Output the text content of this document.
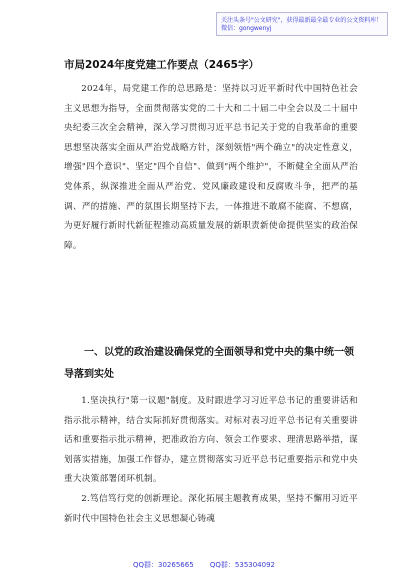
关注头条号"公文研究"，获得最新最全最专业的公文资料库！ 微信：gongwenyj
市局2024年度党建工作要点（2465字）

2024年，局党建工作的总思路是：坚持以习近平新时代中国特色社会主义思想为指导，全面贯彻落实党的二十大和二十届二中全会以及二十届中央纪委三次全会精神，深入学习贯彻习近平总书记关于党的自我革命的重要思想坚决落实全面从严治党战略方针，深刻领悟"两个确立"的决定性意义，增强"四个意识"、坚定"四个自信"、做到"两个维护"，不断健全全面从严治党体系，纵深推进全面从严治党、党风廉政建设和反腐败斗争，把严的基调、严的措施、严的氛围长期坚持下去，一体推进不敢腐不能腐、不想腐，为更好履行新时代新征程推动高质量发展的新职责新使命提供坚实的政治保障。

一、以党的政治建设确保党的全面领导和党中央的集中统一领导落到实处

1.坚决执行"第一议题"制度。及时跟进学习习近平总书记的重要讲话和指示批示精神，结合实际抓好贯彻落实。对标对表习近平总书记有关重要讲话和重要指示批示精神，把准政治方向、领会工作要求、理清思路举措，谋划落实措施，加强工作督办，建立贯彻落实习近平总书记重要指示和党中央重大决策部署闭环机制。

2.笃信笃行党的创新理论。深化拓展主题教育成果，坚持不懈用习近平新时代中国特色社会主义思想凝心铸魂

QQ群：30265665 QQ群：535304092
